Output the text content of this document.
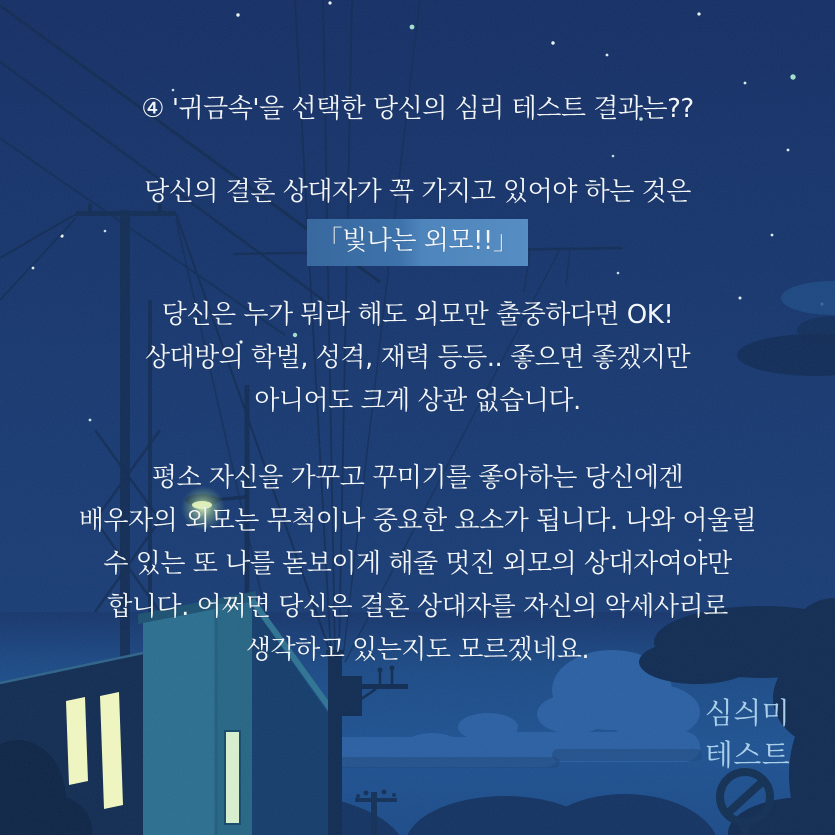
④ '귀금속'을 선택한 당신의 심리 테스트 결과는??
당신의 결혼 상대자가 꼭 가지고 있어야 하는 것은
「빛나는 외모!!」
당신은 누가 뭐라 해도 외모만 출중하다면 OK!
상대방의 학벌, 성격, 재력 등등.. 좋으면 좋겠지만
아니어도 크게 상관 없습니다.
평소 자신을 가꾸고 꾸미기를 좋아하는 당신에겐
배우자의 외모는 무척이나 중요한 요소가 됩니다. 나와 어울릴
수 있는 또 나를 돋보이게 해줄 멋진 외모의 상대자여야만
합니다. 어쩌면 당신은 결혼 상대자를 자신의 악세사리로
생각하고 있는지도 모르겠네요.
심싀미
테스트
